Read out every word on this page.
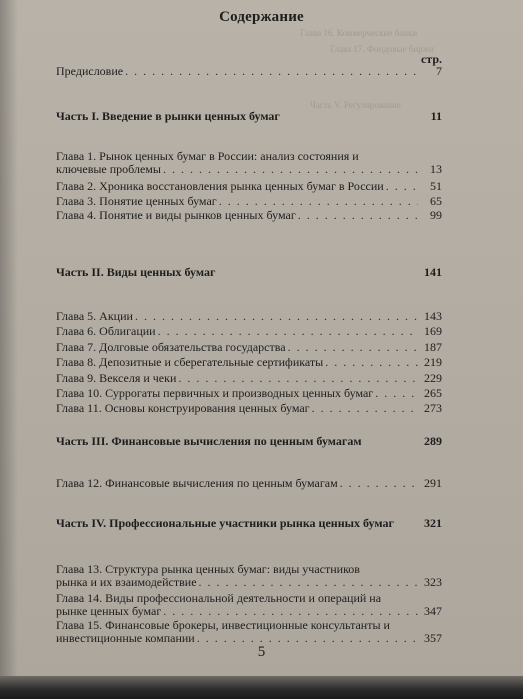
Глава 16. Коммерческие банки
Глава 17. Фондовые биржи
Часть V. Регулирование
Содержание
стр.
Предисловие . . .	7
Часть I. Введение в рынки ценных бумаг	11
Глава 1. Рынок ценных бумаг в России: анализ состояния и
ключевые проблемы . . .	13
Глава 2. Хроника восстановления рынка ценных бумаг в России . . .	51
Глава 3. Понятие ценных бумаг . . .	65
Глава 4. Понятие и виды рынков ценных бумаг . . .	99
Часть II. Виды ценных бумаг	141
Глава 5. Акции . . .	143
Глава 6. Облигации . . .	169
Глава 7. Долговые обязательства государства . . .	187
Глава 8. Депозитные и сберегательные сертификаты . . .	219
Глава 9. Векселя и чеки . . .	229
Глава 10. Суррогаты первичных и производных ценных бумаг . . .	265
Глава 11. Основы конструирования ценных бумаг . . .	273
Часть III. Финансовые вычисления по ценным бумагам	289
Глава 12. Финансовые вычисления по ценным бумагам . . .	291
Часть IV. Профессиональные участники рынка ценных бумаг	321
Глава 13. Структура рынка ценных бумаг: виды участников
рынка и их взаимодействие . . .	323
Глава 14. Виды профессиональной деятельности и операций на
рынке ценных бумаг . . .	347
Глава 15. Финансовые брокеры, инвестиционные консультанты и
инвестиционные компании . . .	357
5
